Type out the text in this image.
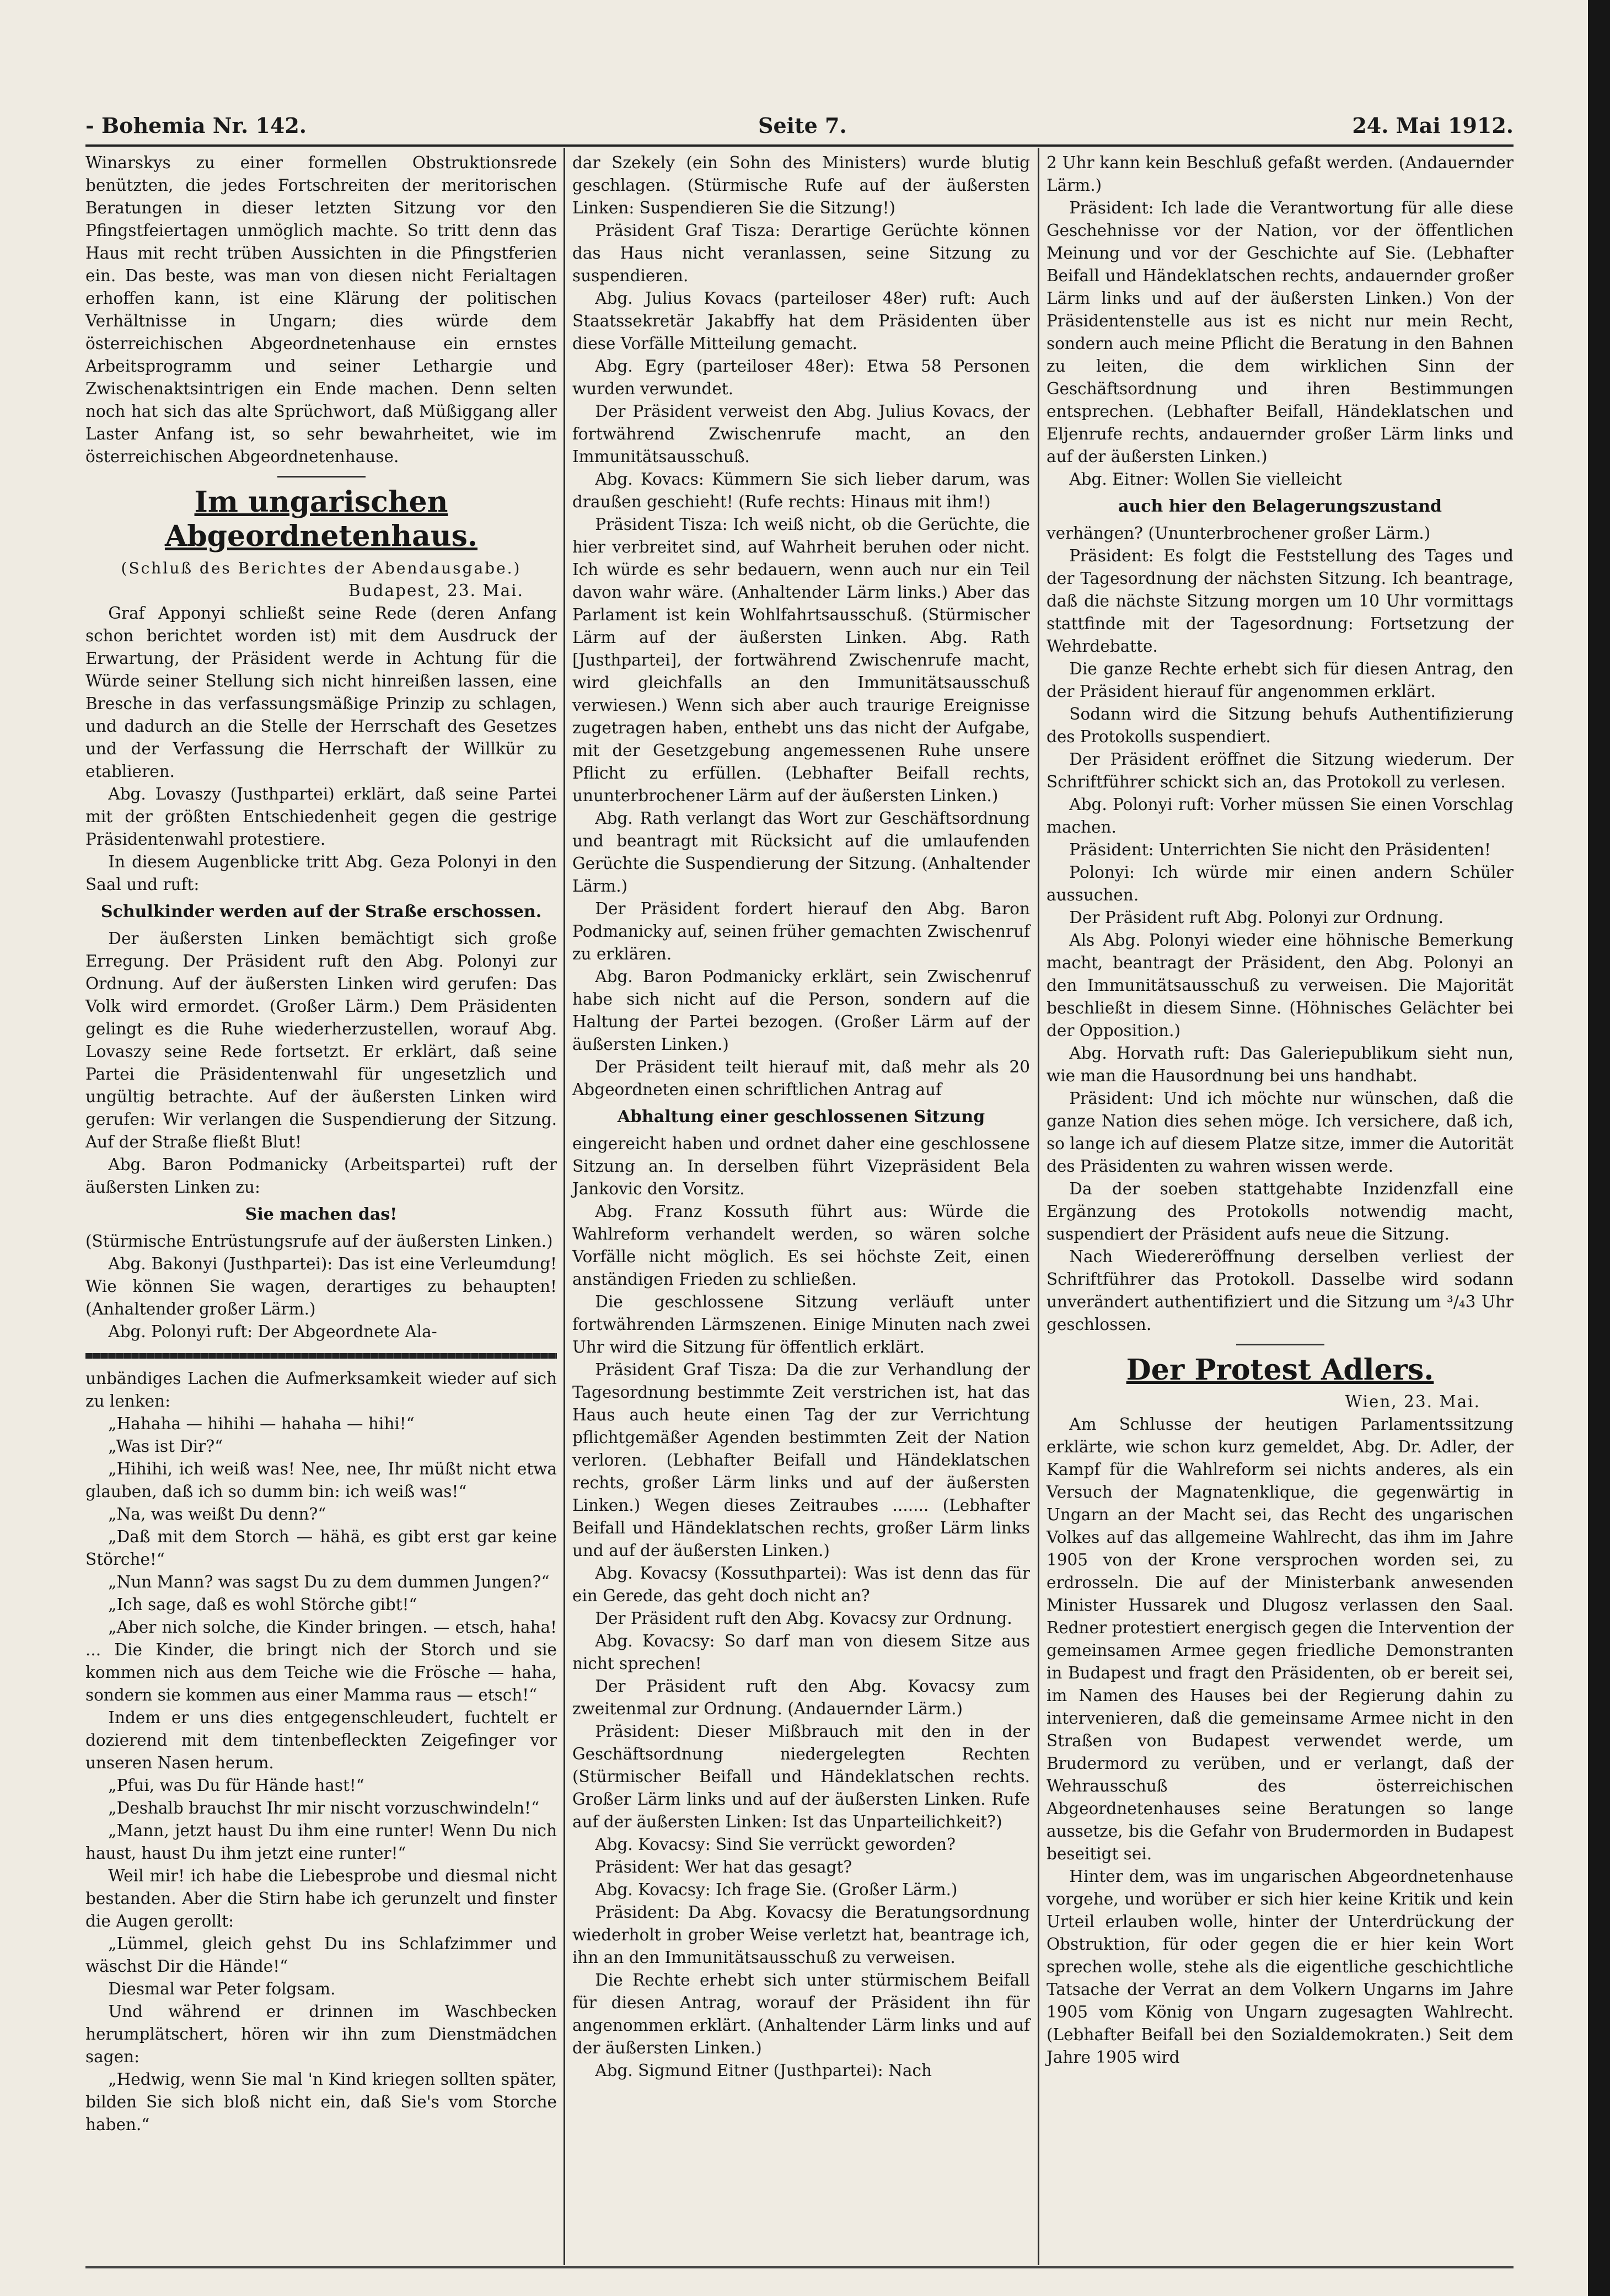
- Bohemia Nr. 142.	Seite 7.	24. Mai 1912.

Winarskys zu einer formellen Obstruktionsrede benützten, die jedes Fortschreiten der meritorischen Beratungen in dieser letzten Sitzung vor den Pfingstfeiertagen unmöglich machte. So tritt denn das Haus mit recht trüben Aussichten in die Pfingstferien ein. Das beste, was man von diesen nicht Ferialtagen erhoffen kann, ist eine Klärung der politischen Verhältnisse in Ungarn; dies würde dem österreichischen Abgeordnetenhause ein ernstes Arbeitsprogramm und seiner Lethargie und Zwischenaktsintrigen ein Ende machen. Denn selten noch hat sich das alte Sprüchwort, daß Müßiggang aller Laster Anfang ist, so sehr bewahrheitet, wie im österreichischen Abgeordnetenhause.

Im ungarischen Abgeordnetenhaus.

(Schluß des Berichtes der Abendausgabe.)

Budapest, 23. Mai.

Graf Apponyi schließt seine Rede (deren Anfang schon berichtet worden ist) mit dem Ausdruck der Erwartung, der Präsident werde in Achtung für die Würde seiner Stellung sich nicht hinreißen lassen, eine Bresche in das verfassungsmäßige Prinzip zu schlagen, und dadurch an die Stelle der Herrschaft des Gesetzes und der Verfassung die Herrschaft der Willkür zu etablieren.

Abg. Lovaszy (Justhpartei) erklärt, daß seine Partei mit der größten Entschiedenheit gegen die gestrige Präsidentenwahl protestiere.

In diesem Augenblicke tritt Abg. Geza Polonyi in den Saal und ruft:

Schulkinder werden auf der Straße erschossen.

Der äußersten Linken bemächtigt sich große Erregung. Der Präsident ruft den Abg. Polonyi zur Ordnung. Auf der äußersten Linken wird gerufen: Das Volk wird ermordet. (Großer Lärm.) Dem Präsidenten gelingt es die Ruhe wiederherzustellen, worauf Abg. Lovaszy seine Rede fortsetzt. Er erklärt, daß seine Partei die Präsidentenwahl für ungesetzlich und ungültig betrachte. Auf der äußersten Linken wird gerufen: Wir verlangen die Suspendierung der Sitzung. Auf der Straße fließt Blut!

Abg. Baron Podmanicky (Arbeitspartei) ruft der äußersten Linken zu:

Sie machen das!

(Stürmische Entrüstungsrufe auf der äußersten Linken.)

Abg. Bakonyi (Justhpartei): Das ist eine Verleumdung! Wie können Sie wagen, derartiges zu behaupten! (Anhaltender großer Lärm.)

Abg. Polonyi ruft: Der Abgeordnete Ala-

unbändiges Lachen die Aufmerksamkeit wieder auf sich zu lenken:

„Hahaha — hihihi — hahaha — hihi!“

„Was ist Dir?“

„Hihihi, ich weiß was! Nee, nee, Ihr müßt nicht etwa glauben, daß ich so dumm bin: ich weiß was!“

„Na, was weißt Du denn?“

„Daß mit dem Storch — hähä, es gibt erst gar keine Störche!“

„Nun Mann? was sagst Du zu dem dummen Jungen?“

„Ich sage, daß es wohl Störche gibt!“

„Aber nich solche, die Kinder bringen. — etsch, haha! ... Die Kinder, die bringt nich der Storch und sie kommen nich aus dem Teiche wie die Frösche — haha, sondern sie kommen aus einer Mamma raus — etsch!“

Indem er uns dies entgegenschleudert, fuchtelt er dozierend mit dem tintenbefleckten Zeigefinger vor unseren Nasen herum.

„Pfui, was Du für Hände hast!“

„Deshalb brauchst Ihr mir nischt vorzuschwindeln!“

„Mann, jetzt haust Du ihm eine runter! Wenn Du nich haust, haust Du ihm jetzt eine runter!“

Weil mir! ich habe die Liebesprobe und diesmal nicht bestanden. Aber die Stirn habe ich gerunzelt und finster die Augen gerollt:

„Lümmel, gleich gehst Du ins Schlafzimmer und wäschst Dir die Hände!“

Diesmal war Peter folgsam.

Und während er drinnen im Waschbecken herumplätschert, hören wir ihn zum Dienstmädchen sagen:

„Hedwig, wenn Sie mal 'n Kind kriegen sollten später, bilden Sie sich bloß nicht ein, daß Sie's vom Storche haben.“

dar Szekely (ein Sohn des Ministers) wurde blutig geschlagen. (Stürmische Rufe auf der äußersten Linken: Suspendieren Sie die Sitzung!)

Präsident Graf Tisza: Derartige Gerüchte können das Haus nicht veranlassen, seine Sitzung zu suspendieren.

Abg. Julius Kovacs (parteiloser 48er) ruft: Auch Staatssekretär Jakabffy hat dem Präsidenten über diese Vorfälle Mitteilung gemacht.

Abg. Egry (parteiloser 48er): Etwa 58 Personen wurden verwundet.

Der Präsident verweist den Abg. Julius Kovacs, der fortwährend Zwischenrufe macht, an den Immunitätsausschuß.

Abg. Kovacs: Kümmern Sie sich lieber darum, was draußen geschieht! (Rufe rechts: Hinaus mit ihm!)

Präsident Tisza: Ich weiß nicht, ob die Gerüchte, die hier verbreitet sind, auf Wahrheit beruhen oder nicht. Ich würde es sehr bedauern, wenn auch nur ein Teil davon wahr wäre. (Anhaltender Lärm links.) Aber das Parlament ist kein Wohlfahrtsausschuß. (Stürmischer Lärm auf der äußersten Linken. Abg. Rath [Justhpartei], der fortwährend Zwischenrufe macht, wird gleichfalls an den Immunitätsausschuß verwiesen.) Wenn sich aber auch traurige Ereignisse zugetragen haben, enthebt uns das nicht der Aufgabe, mit der Gesetzgebung angemessenen Ruhe unsere Pflicht zu erfüllen. (Lebhafter Beifall rechts, ununterbrochener Lärm auf der äußersten Linken.)

Abg. Rath verlangt das Wort zur Geschäftsordnung und beantragt mit Rücksicht auf die umlaufenden Gerüchte die Suspendierung der Sitzung. (Anhaltender Lärm.)

Der Präsident fordert hierauf den Abg. Baron Podmanicky auf, seinen früher gemachten Zwischenruf zu erklären.

Abg. Baron Podmanicky erklärt, sein Zwischenruf habe sich nicht auf die Person, sondern auf die Haltung der Partei bezogen. (Großer Lärm auf der äußersten Linken.)

Der Präsident teilt hierauf mit, daß mehr als 20 Abgeordneten einen schriftlichen Antrag auf

Abhaltung einer geschlossenen Sitzung

eingereicht haben und ordnet daher eine geschlossene Sitzung an. In derselben führt Vizepräsident Bela Jankovic den Vorsitz.

Abg. Franz Kossuth führt aus: Würde die Wahlreform verhandelt werden, so wären solche Vorfälle nicht möglich. Es sei höchste Zeit, einen anständigen Frieden zu schließen.

Die geschlossene Sitzung verläuft unter fortwährenden Lärmszenen. Einige Minuten nach zwei Uhr wird die Sitzung für öffentlich erklärt.

Präsident Graf Tisza: Da die zur Verhandlung der Tagesordnung bestimmte Zeit verstrichen ist, hat das Haus auch heute einen Tag der zur Verrichtung pflichtgemäßer Agenden bestimmten Zeit der Nation verloren. (Lebhafter Beifall und Händeklatschen rechts, großer Lärm links und auf der äußersten Linken.) Wegen dieses Zeitraubes ....... (Lebhafter Beifall und Händeklatschen rechts, großer Lärm links und auf der äußersten Linken.)

Abg. Kovacsy (Kossuthpartei): Was ist denn das für ein Gerede, das geht doch nicht an?

Der Präsident ruft den Abg. Kovacsy zur Ordnung.

Abg. Kovacsy: So darf man von diesem Sitze aus nicht sprechen!

Der Präsident ruft den Abg. Kovacsy zum zweitenmal zur Ordnung. (Andauernder Lärm.)

Präsident: Dieser Mißbrauch mit den in der Geschäftsordnung niedergelegten Rechten (Stürmischer Beifall und Händeklatschen rechts. Großer Lärm links und auf der äußersten Linken. Rufe auf der äußersten Linken: Ist das Unparteilichkeit?)

Abg. Kovacsy: Sind Sie verrückt geworden?

Präsident: Wer hat das gesagt?

Abg. Kovacsy: Ich frage Sie. (Großer Lärm.)

Präsident: Da Abg. Kovacsy die Beratungsordnung wiederholt in grober Weise verletzt hat, beantrage ich, ihn an den Immunitätsausschuß zu verweisen.

Die Rechte erhebt sich unter stürmischem Beifall für diesen Antrag, worauf der Präsident ihn für angenommen erklärt. (Anhaltender Lärm links und auf der äußersten Linken.)

Abg. Sigmund Eitner (Justhpartei): Nach

2 Uhr kann kein Beschluß gefaßt werden. (Andauernder Lärm.)

Präsident: Ich lade die Verantwortung für alle diese Geschehnisse vor der Nation, vor der öffentlichen Meinung und vor der Geschichte auf Sie. (Lebhafter Beifall und Händeklatschen rechts, andauernder großer Lärm links und auf der äußersten Linken.) Von der Präsidentenstelle aus ist es nicht nur mein Recht, sondern auch meine Pflicht die Beratung in den Bahnen zu leiten, die dem wirklichen Sinn der Geschäftsordnung und ihren Bestimmungen entsprechen. (Lebhafter Beifall, Händeklatschen und Eljenrufe rechts, andauernder großer Lärm links und auf der äußersten Linken.)

Abg. Eitner: Wollen Sie vielleicht

auch hier den Belagerungszustand

verhängen? (Ununterbrochener großer Lärm.)

Präsident: Es folgt die Feststellung des Tages und der Tagesordnung der nächsten Sitzung. Ich beantrage, daß die nächste Sitzung morgen um 10 Uhr vormittags stattfinde mit der Tagesordnung: Fortsetzung der Wehrdebatte.

Die ganze Rechte erhebt sich für diesen Antrag, den der Präsident hierauf für angenommen erklärt.

Sodann wird die Sitzung behufs Authentifizierung des Protokolls suspendiert.

Der Präsident eröffnet die Sitzung wiederum. Der Schriftführer schickt sich an, das Protokoll zu verlesen.

Abg. Polonyi ruft: Vorher müssen Sie einen Vorschlag machen.

Präsident: Unterrichten Sie nicht den Präsidenten!

Polonyi: Ich würde mir einen andern Schüler aussuchen.

Der Präsident ruft Abg. Polonyi zur Ordnung.

Als Abg. Polonyi wieder eine höhnische Bemerkung macht, beantragt der Präsident, den Abg. Polonyi an den Immunitätsausschuß zu verweisen. Die Majorität beschließt in diesem Sinne. (Höhnisches Gelächter bei der Opposition.)

Abg. Horvath ruft: Das Galeriepublikum sieht nun, wie man die Hausordnung bei uns handhabt.

Präsident: Und ich möchte nur wünschen, daß die ganze Nation dies sehen möge. Ich versichere, daß ich, so lange ich auf diesem Platze sitze, immer die Autorität des Präsidenten zu wahren wissen werde.

Da der soeben stattgehabte Inzidenzfall eine Ergänzung des Protokolls notwendig macht, suspendiert der Präsident aufs neue die Sitzung.

Nach Wiedereröffnung derselben verliest der Schriftführer das Protokoll. Dasselbe wird sodann unverändert authentifiziert und die Sitzung um ³/₄3 Uhr geschlossen.

Der Protest Adlers.

Wien, 23. Mai.

Am Schlusse der heutigen Parlamentssitzung erklärte, wie schon kurz gemeldet, Abg. Dr. Adler, der Kampf für die Wahlreform sei nichts anderes, als ein Versuch der Magnatenklique, die gegenwärtig in Ungarn an der Macht sei, das Recht des ungarischen Volkes auf das allgemeine Wahlrecht, das ihm im Jahre 1905 von der Krone versprochen worden sei, zu erdrosseln. Die auf der Ministerbank anwesenden Minister Hussarek und Dlugosz verlassen den Saal. Redner protestiert energisch gegen die Intervention der gemeinsamen Armee gegen friedliche Demonstranten in Budapest und fragt den Präsidenten, ob er bereit sei, im Namen des Hauses bei der Regierung dahin zu intervenieren, daß die gemeinsame Armee nicht in den Straßen von Budapest verwendet werde, um Brudermord zu verüben, und er verlangt, daß der Wehrausschuß des österreichischen Abgeordnetenhauses seine Beratungen so lange aussetze, bis die Gefahr von Brudermorden in Budapest beseitigt sei.

Hinter dem, was im ungarischen Abgeordnetenhause vorgehe, und worüber er sich hier keine Kritik und kein Urteil erlauben wolle, hinter der Unterdrückung der Obstruktion, für oder gegen die er hier kein Wort sprechen wolle, stehe als die eigentliche geschichtliche Tatsache der Verrat an dem Volkern Ungarns im Jahre 1905 vom König von Ungarn zugesagten Wahlrecht. (Lebhafter Beifall bei den Sozialdemokraten.) Seit dem Jahre 1905 wird
